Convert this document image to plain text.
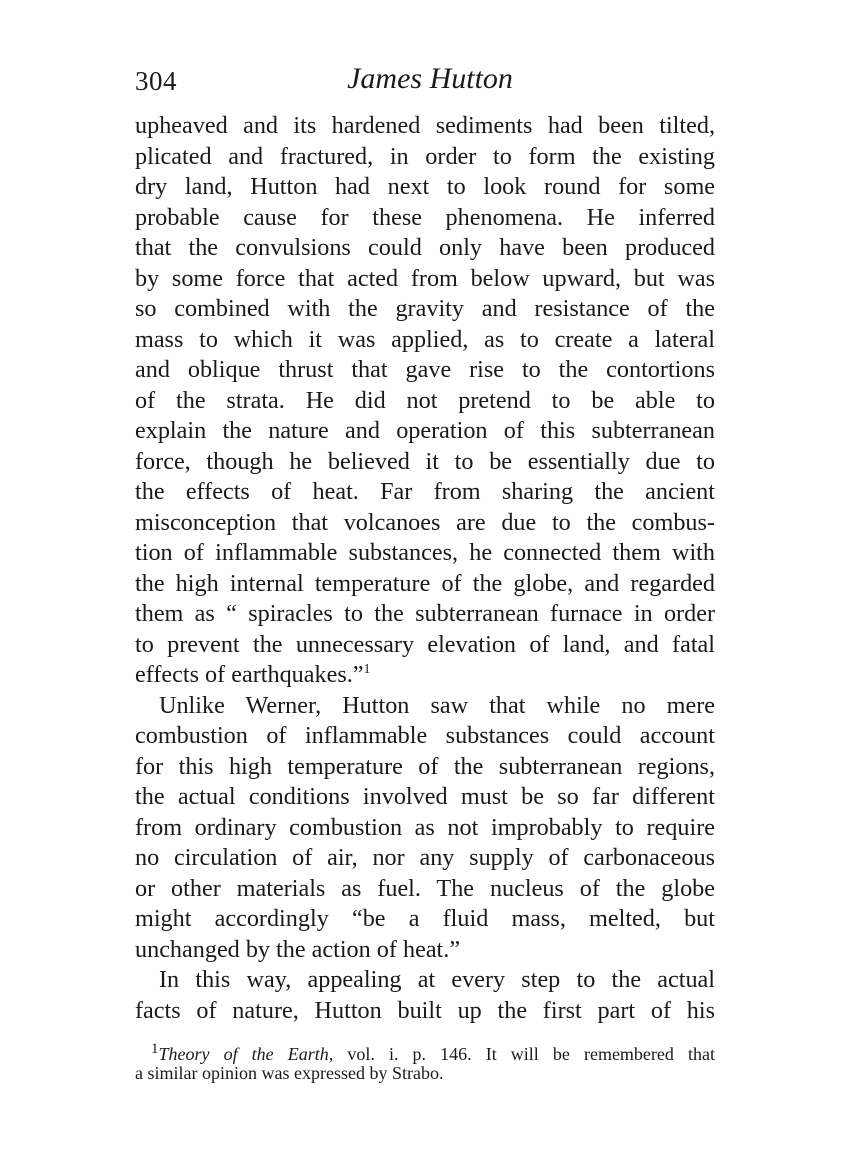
304	James Hutton
upheaved and its hardened sediments had been tilted,
plicated and fractured, in order to form the existing
dry land, Hutton had next to look round for some
probable cause for these phenomena. He inferred
that the convulsions could only have been produced
by some force that acted from below upward, but was
so combined with the gravity and resistance of the
mass to which it was applied, as to create a lateral
and oblique thrust that gave rise to the contortions
of the strata. He did not pretend to be able to
explain the nature and operation of this subterranean
force, though he believed it to be essentially due to
the effects of heat. Far from sharing the ancient
misconception that volcanoes are due to the combus-
tion of inflammable substances, he connected them with
the high internal temperature of the globe, and regarded
them as “ spiracles to the subterranean furnace in order
to prevent the unnecessary elevation of land, and fatal
effects of earthquakes.”$^1$
Unlike Werner, Hutton saw that while no mere
combustion of inflammable substances could account
for this high temperature of the subterranean regions,
the actual conditions involved must be so far different
from ordinary combustion as not improbably to require
no circulation of air, nor any supply of carbonaceous
or other materials as fuel. The nucleus of the globe
might accordingly “be a fluid mass, melted, but
unchanged by the action of heat.”
In this way, appealing at every step to the actual
facts of nature, Hutton built up the first part of his
$^1$Theory of the Earth, vol. i. p. 146. It will be remembered that
a similar opinion was expressed by Strabo.
